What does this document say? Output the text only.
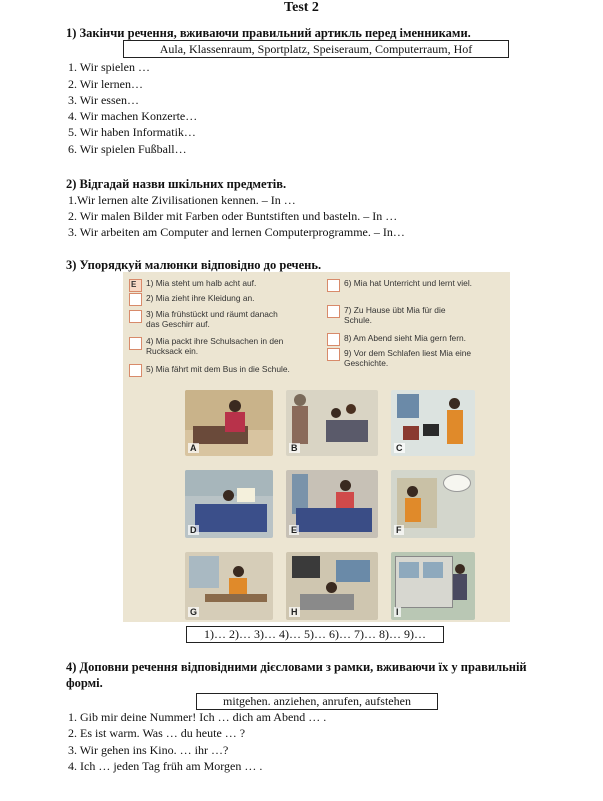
Test 2
1) Закінчи речення, вживаючи правильний артикль перед іменниками.
Aula, Klassenraum, Sportplatz, Speiseraum, Computerraum, Hof
1. Wir spielen …
2. Wir lernen…
3. Wir essen…
4. Wir machen Konzerte…
5. Wir haben Informatik…
6. Wir spielen Fußball…
2) Відгадай назви шкільних предметів.
1.Wir lernen alte Zivilisationen kennen. – In …
2. Wir malen Bilder mit Farben oder Buntstiften und basteln. – In …
3. Wir arbeiten am Computer and lernen Computerprogramme. – In…
3) Упорядкуй малюнки відповідно до речень.
E 1) Mia steht um halb acht auf.
2) Mia zieht ihre Kleidung an.
3) Mia frühstückt und räumt danach das Geschirr auf.
4) Mia packt ihre Schulsachen in den Rucksack ein.
5) Mia fährt mit dem Bus in die Schule.
6) Mia hat Unterricht und lernt viel.
7) Zu Hause übt Mia für die Schule.
8) Am Abend sieht Mia gern fern.
9) Vor dem Schlafen liest Mia eine Geschichte.
A	B	C
D	E	F
G	H	I
1)… 2)… 3)… 4)… 5)… 6)… 7)… 8)… 9)…
4) Доповни речення відповідними дієсловами з рамки, вживаючи їх у правильній
формі.
mitgehen. anziehen, anrufen, aufstehen
1. Gib mir deine Nummer! Ich … dich am Abend … .
2. Es ist warm. Was … du heute … ?
3. Wir gehen ins Kino. … ihr …?
4. Ich … jeden Tag früh am Morgen … .
